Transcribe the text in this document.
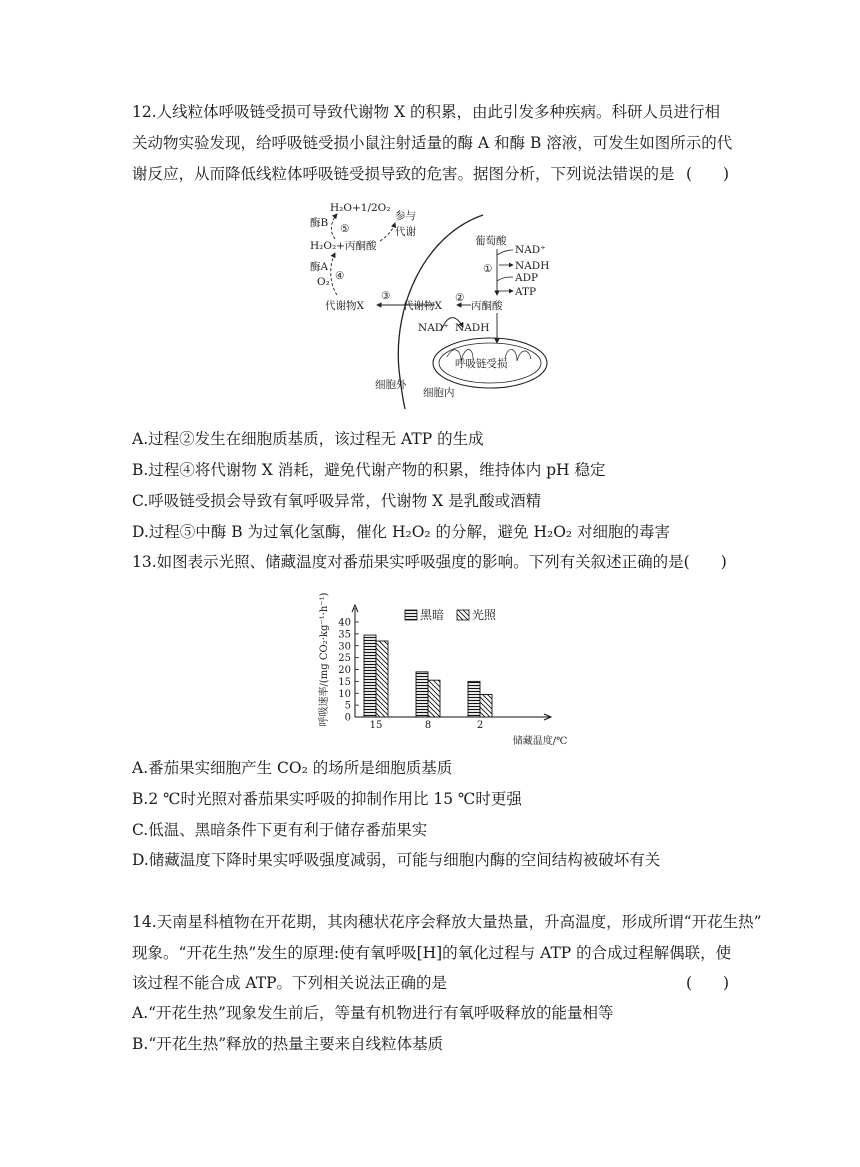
12.人线粒体呼吸链受损可导致代谢物 X 的积累，由此引发多种疾病。科研人员进行相
关动物实验发现，给呼吸链受损小鼠注射适量的酶 A 和酶 B 溶液，可发生如图所示的代
谢反应，从而降低线粒体呼吸链受损导致的危害。据图分析，下列说法错误的是 (　　)
H₂O+1/2O₂
参与
代谢
酶B ⑤
H₂O₂+丙酮酸
酶A
④
O₂
代谢物X
③
代谢物X
②
丙酮酸
NAD⁺ NADH
葡萄酸
①
NAD⁺
NADH
ADP
ATP
呼吸链受损
细胞外
细胞内
A.过程②发生在细胞质基质，该过程无 ATP 的生成
B.过程④将代谢物 X 消耗，避免代谢产物的积累，维持体内 pH 稳定
C.呼吸链受损会导致有氧呼吸异常，代谢物 X 是乳酸或酒精
D.过程⑤中酶 B 为过氧化氢酶，催化 H₂O₂ 的分解，避免 H₂O₂ 对细胞的毒害
13.如图表示光照、储藏温度对番茄果实呼吸强度的影响。下列有关叙述正确的是(　　)
0
5
10
15
20
25
30
35
40
呼吸速率/(mg CO₂·kg⁻¹·h⁻¹)
储藏温度/℃
15	8	2
黑暗 光照
A.番茄果实细胞产生 CO₂ 的场所是细胞质基质
B.2 ℃时光照对番茄果实呼吸的抑制作用比 15 ℃时更强
C.低温、黑暗条件下更有利于储存番茄果实
D.储藏温度下降时果实呼吸强度减弱，可能与细胞内酶的空间结构被破坏有关
14.天南星科植物在开花期，其肉穗状花序会释放大量热量，升高温度，形成所谓“开花生热”
现象。“开花生热”发生的原理:使有氧呼吸[H]的氧化过程与 ATP 的合成过程解偶联，使
该过程不能合成 ATP。下列相关说法正确的是	(　　)
A.“开花生热”现象发生前后，等量有机物进行有氧呼吸释放的能量相等
B.“开花生热”释放的热量主要来自线粒体基质
